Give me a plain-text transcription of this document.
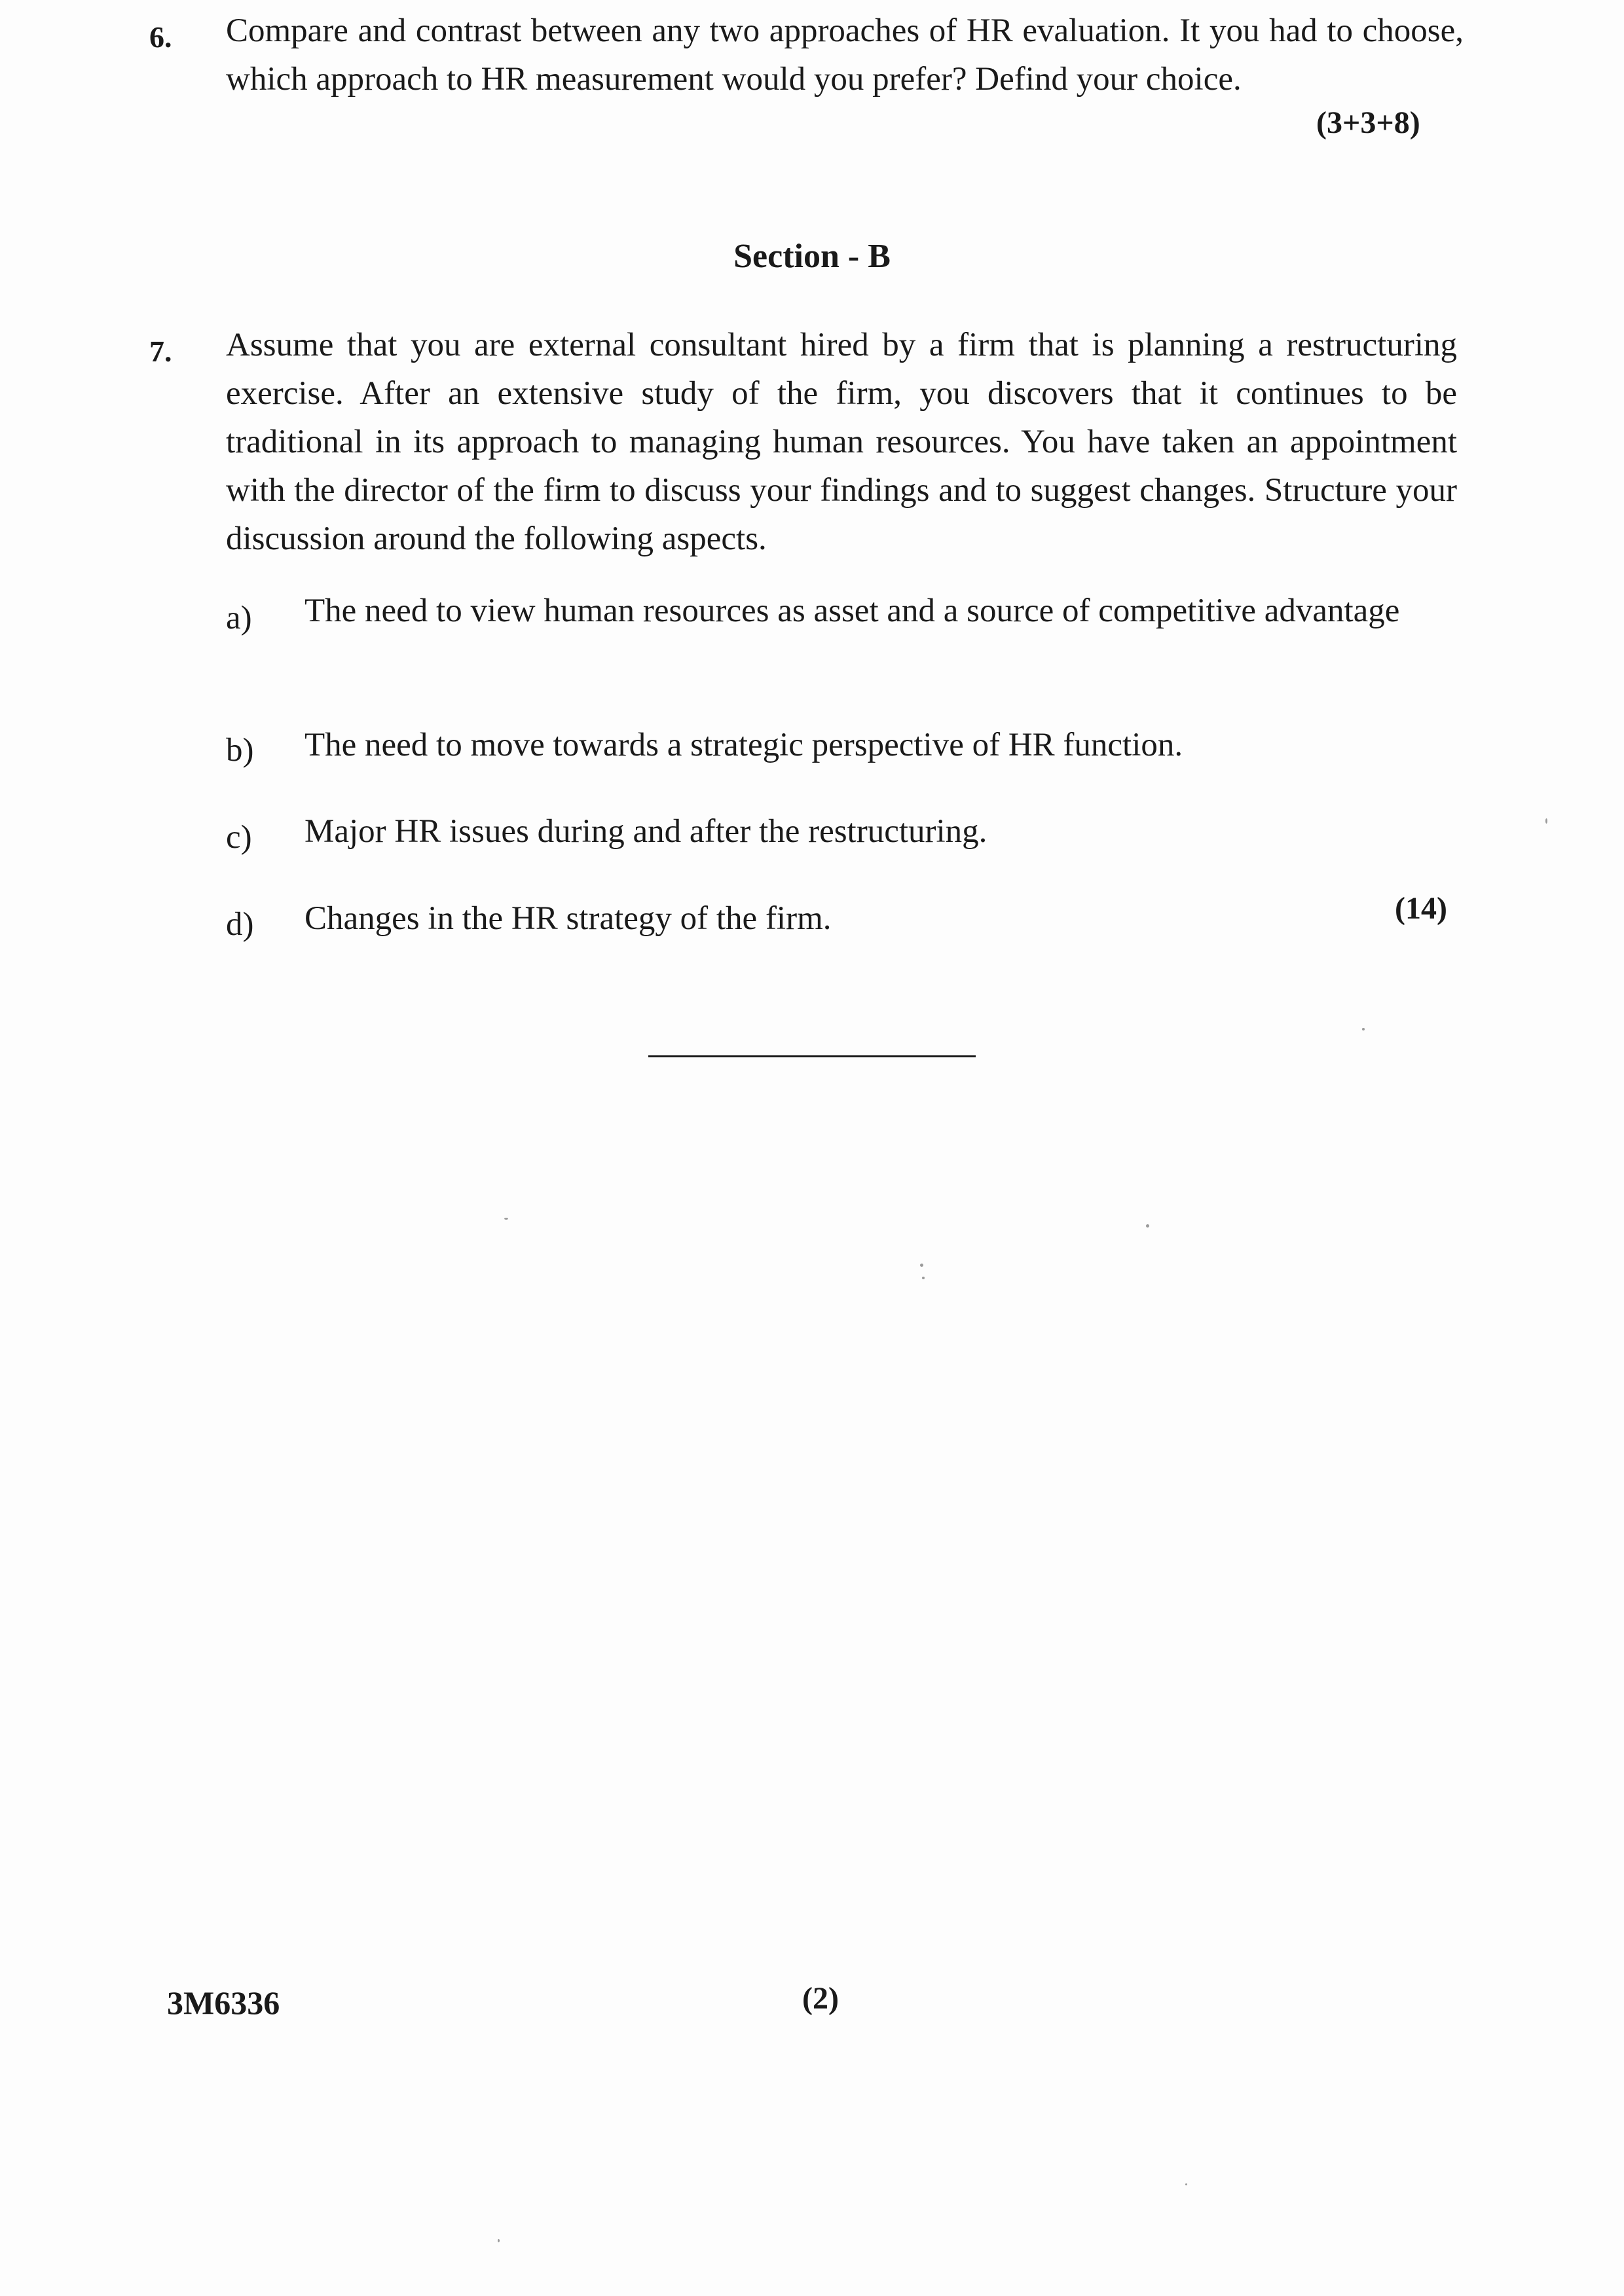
6. Compare and contrast between any two approaches of HR evaluation. It you had to choose, which approach to HR measurement would you prefer? Defind your choice.
(3+3+8)
Section - B
7. Assume that you are external consultant hired by a firm that is planning a restructuring exercise. After an extensive study of the firm, you discovers that it continues to be traditional in its approach to managing human resources. You have taken an appointment with the director of the firm to discuss your findings and to suggest changes. Structure your discussion around the following aspects.
a) The need to view human resources as asset and a source of competitive advantage
b) The need to move towards a strategic perspective of HR function.
c) Major HR issues during and after the restructuring.
d) Changes in the HR strategy of the firm.	(14)
3M6336	(2)
